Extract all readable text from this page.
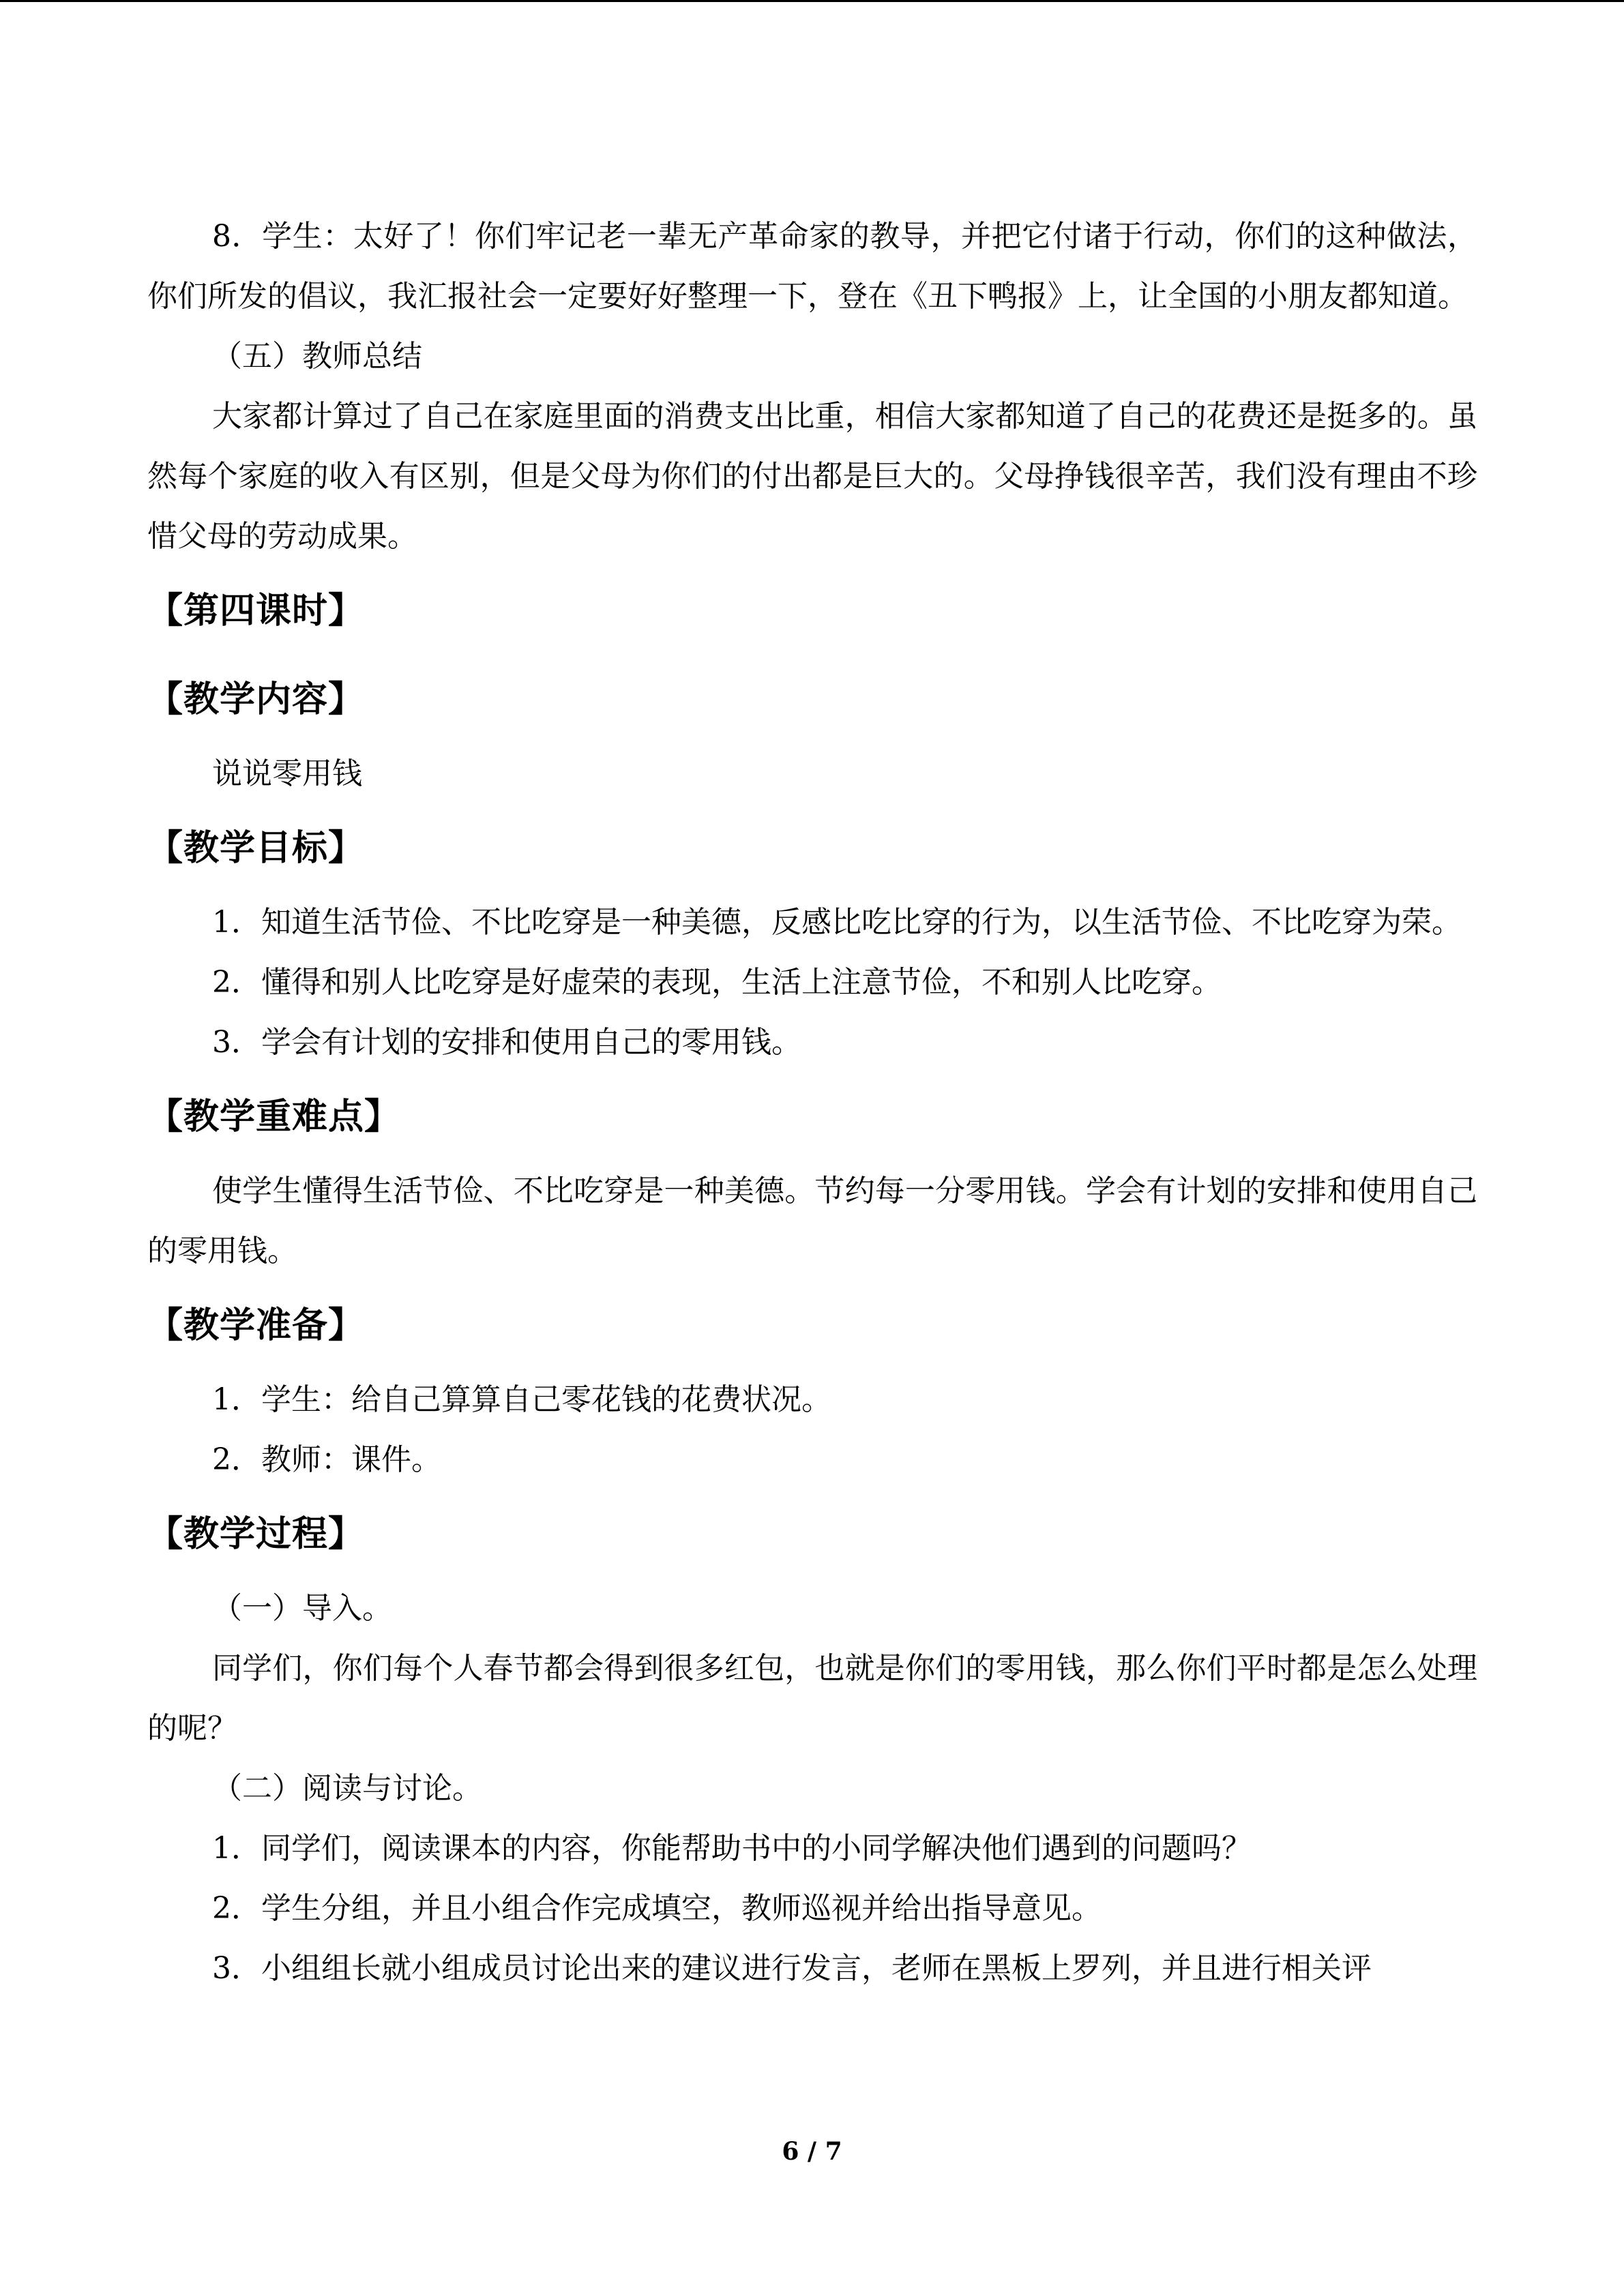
8．学生：太好了！你们牢记老一辈无产革命家的教导，并把它付诸于行动，你们的这种做法，你们所发的倡议，我汇报社会一定要好好整理一下，登在《丑下鸭报》上，让全国的小朋友都知道。

（五）教师总结

大家都计算过了自己在家庭里面的消费支出比重，相信大家都知道了自己的花费还是挺多的。虽然每个家庭的收入有区别，但是父母为你们的付出都是巨大的。父母挣钱很辛苦，我们没有理由不珍惜父母的劳动成果。

【第四课时】
【教学内容】

说说零用钱

【教学目标】

1．知道生活节俭、不比吃穿是一种美德，反感比吃比穿的行为，以生活节俭、不比吃穿为荣。

2．懂得和别人比吃穿是好虚荣的表现，生活上注意节俭，不和别人比吃穿。

3．学会有计划的安排和使用自己的零用钱。

【教学重难点】

使学生懂得生活节俭、不比吃穿是一种美德。节约每一分零用钱。学会有计划的安排和使用自己的零用钱。

【教学准备】

1．学生：给自己算算自己零花钱的花费状况。

2．教师：课件。

【教学过程】

（一）导入。

同学们，你们每个人春节都会得到很多红包，也就是你们的零用钱，那么你们平时都是怎么处理的呢？

（二）阅读与讨论。

1．同学们，阅读课本的内容，你能帮助书中的小同学解决他们遇到的问题吗？

2．学生分组，并且小组合作完成填空，教师巡视并给出指导意见。

3．小组组长就小组成员讨论出来的建议进行发言，老师在黑板上罗列，并且进行相关评

6 / 7
